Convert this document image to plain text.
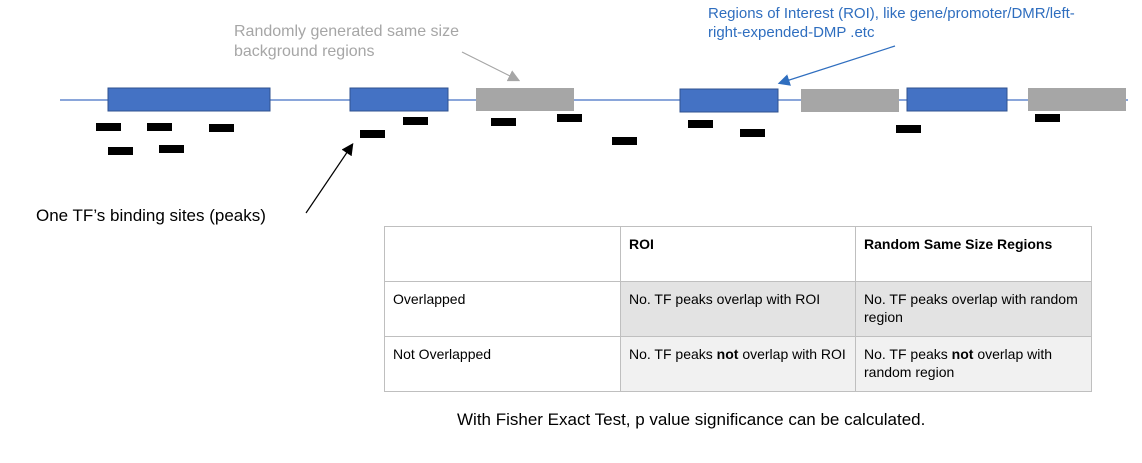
Randomly generated same size
background regions
Regions of Interest (ROI), like gene/promoter/DMR/left-
right-expended-DMP .etc
One TF’s binding sites (peaks)
	ROI	Random Same Size Regions
Overlapped	No. TF peaks overlap with ROI	No. TF peaks overlap with random region
Not Overlapped	No. TF peaks not overlap with ROI	No. TF peaks not overlap with random region
With Fisher Exact Test, p value significance can be calculated.
